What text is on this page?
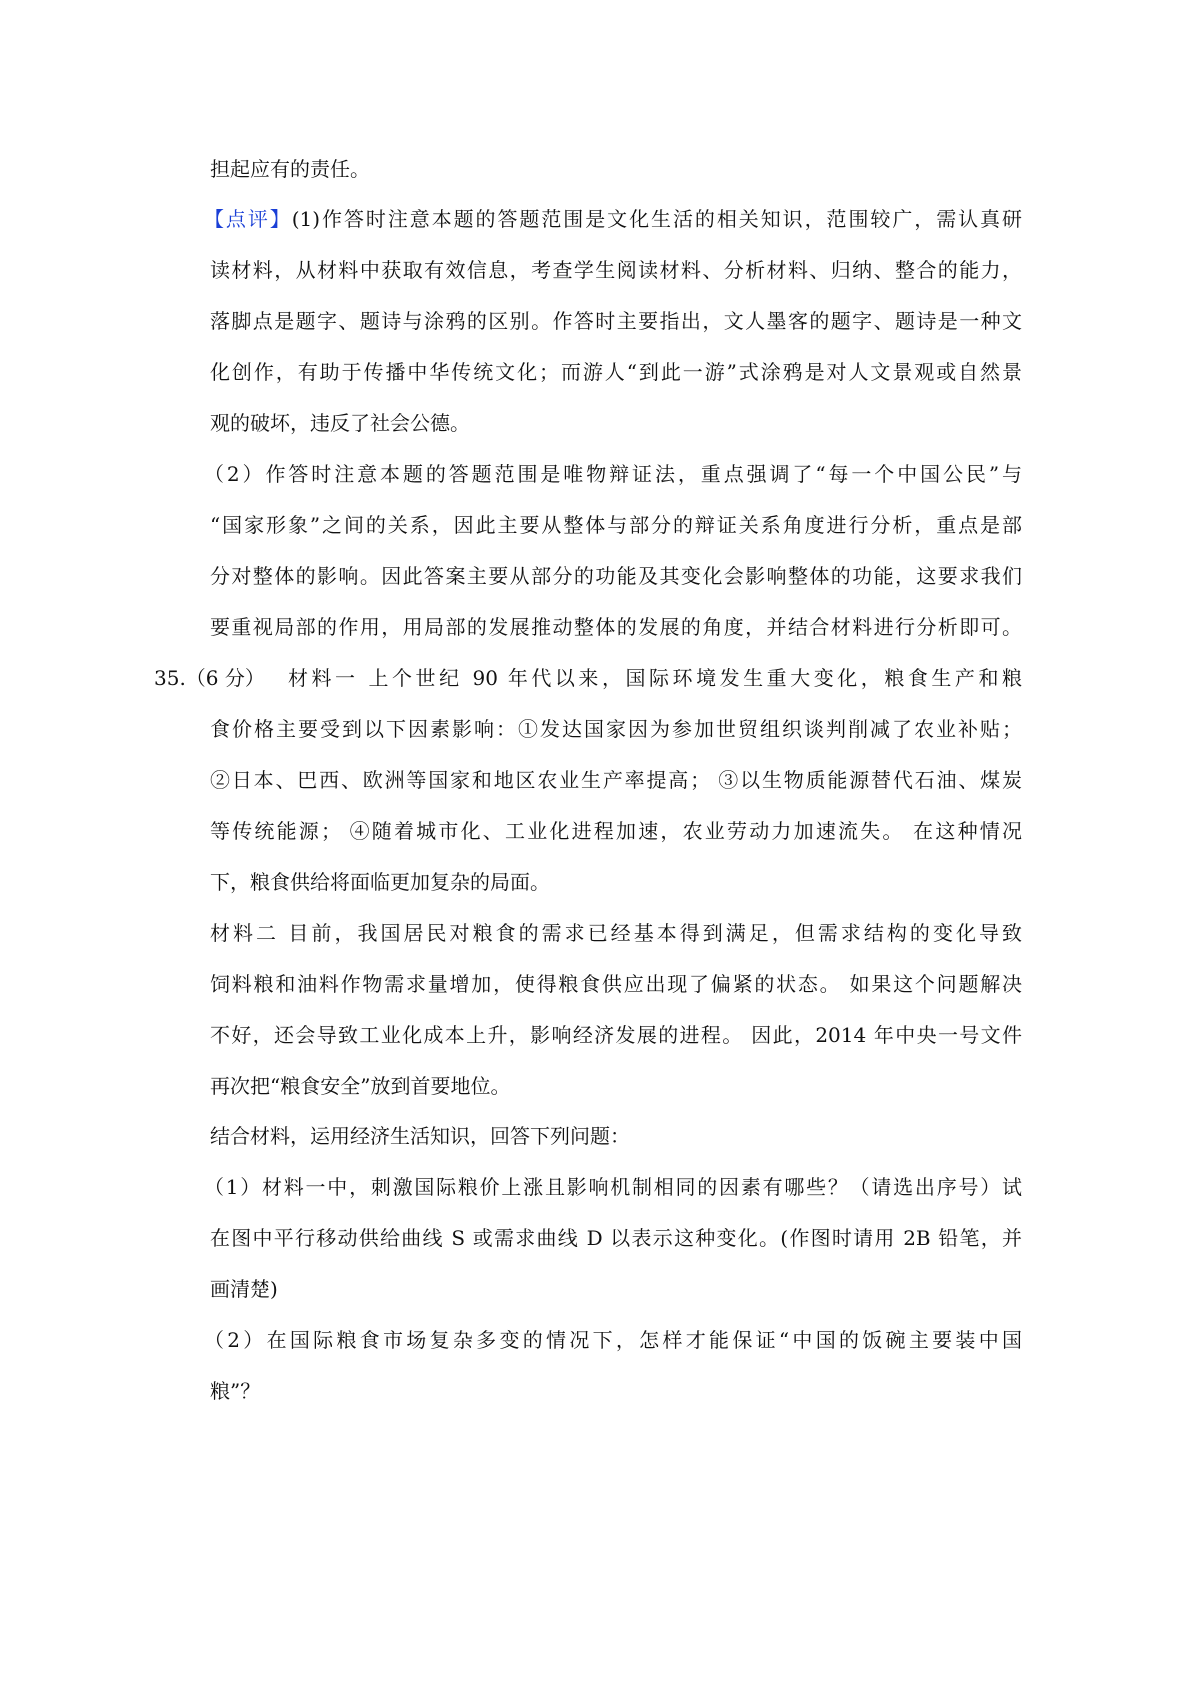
担起应有的责任。
【点评】(1)作答时注意本题的答题范围是文化生活的相关知识，范围较广，需认真研
读材料，从材料中获取有效信息，考查学生阅读材料、分析材料、归纳、整合的能力，
落脚点是题字、题诗与涂鸦的区别。作答时主要指出，文人墨客的题字、题诗是一种文
化创作，有助于传播中华传统文化；而游人“到此一游”式涂鸦是对人文景观或自然景
观的破坏，违反了社会公德。
（2）作答时注意本题的答题范围是唯物辩证法，重点强调了“每一个中国公民”与
“国家形象”之间的关系，因此主要从整体与部分的辩证关系角度进行分析，重点是部
分对整体的影响。因此答案主要从部分的功能及其变化会影响整体的功能，这要求我们
要重视局部的作用，用局部的发展推动整体的发展的角度，并结合材料进行分析即可。
35.（6 分） 材料一 上个世纪 90 年代以来，国际环境发生重大变化，粮食生产和粮
食价格主要受到以下因素影响：①发达国家因为参加世贸组织谈判削减了农业补贴；
②日本、巴西、欧洲等国家和地区农业生产率提高； ③以生物质能源替代石油、煤炭
等传统能源； ④随着城市化、工业化进程加速，农业劳动力加速流失。 在这种情况
下，粮食供给将面临更加复杂的局面。
材料二 目前，我国居民对粮食的需求已经基本得到满足，但需求结构的变化导致
饲料粮和油料作物需求量增加，使得粮食供应出现了偏紧的状态。 如果这个问题解决
不好，还会导致工业化成本上升，影响经济发展的进程。 因此，2014 年中央一号文件
再次把“粮食安全”放到首要地位。
结合材料，运用经济生活知识，回答下列问题：
（1）材料一中，刺激国际粮价上涨且影响机制相同的因素有哪些？（请选出序号）试
在图中平行移动供给曲线 S 或需求曲线 D 以表示这种变化。(作图时请用 2B 铅笔，并
画清楚)
（2）在国际粮食市场复杂多变的情况下，怎样才能保证“中国的饭碗主要装中国
粮”？
